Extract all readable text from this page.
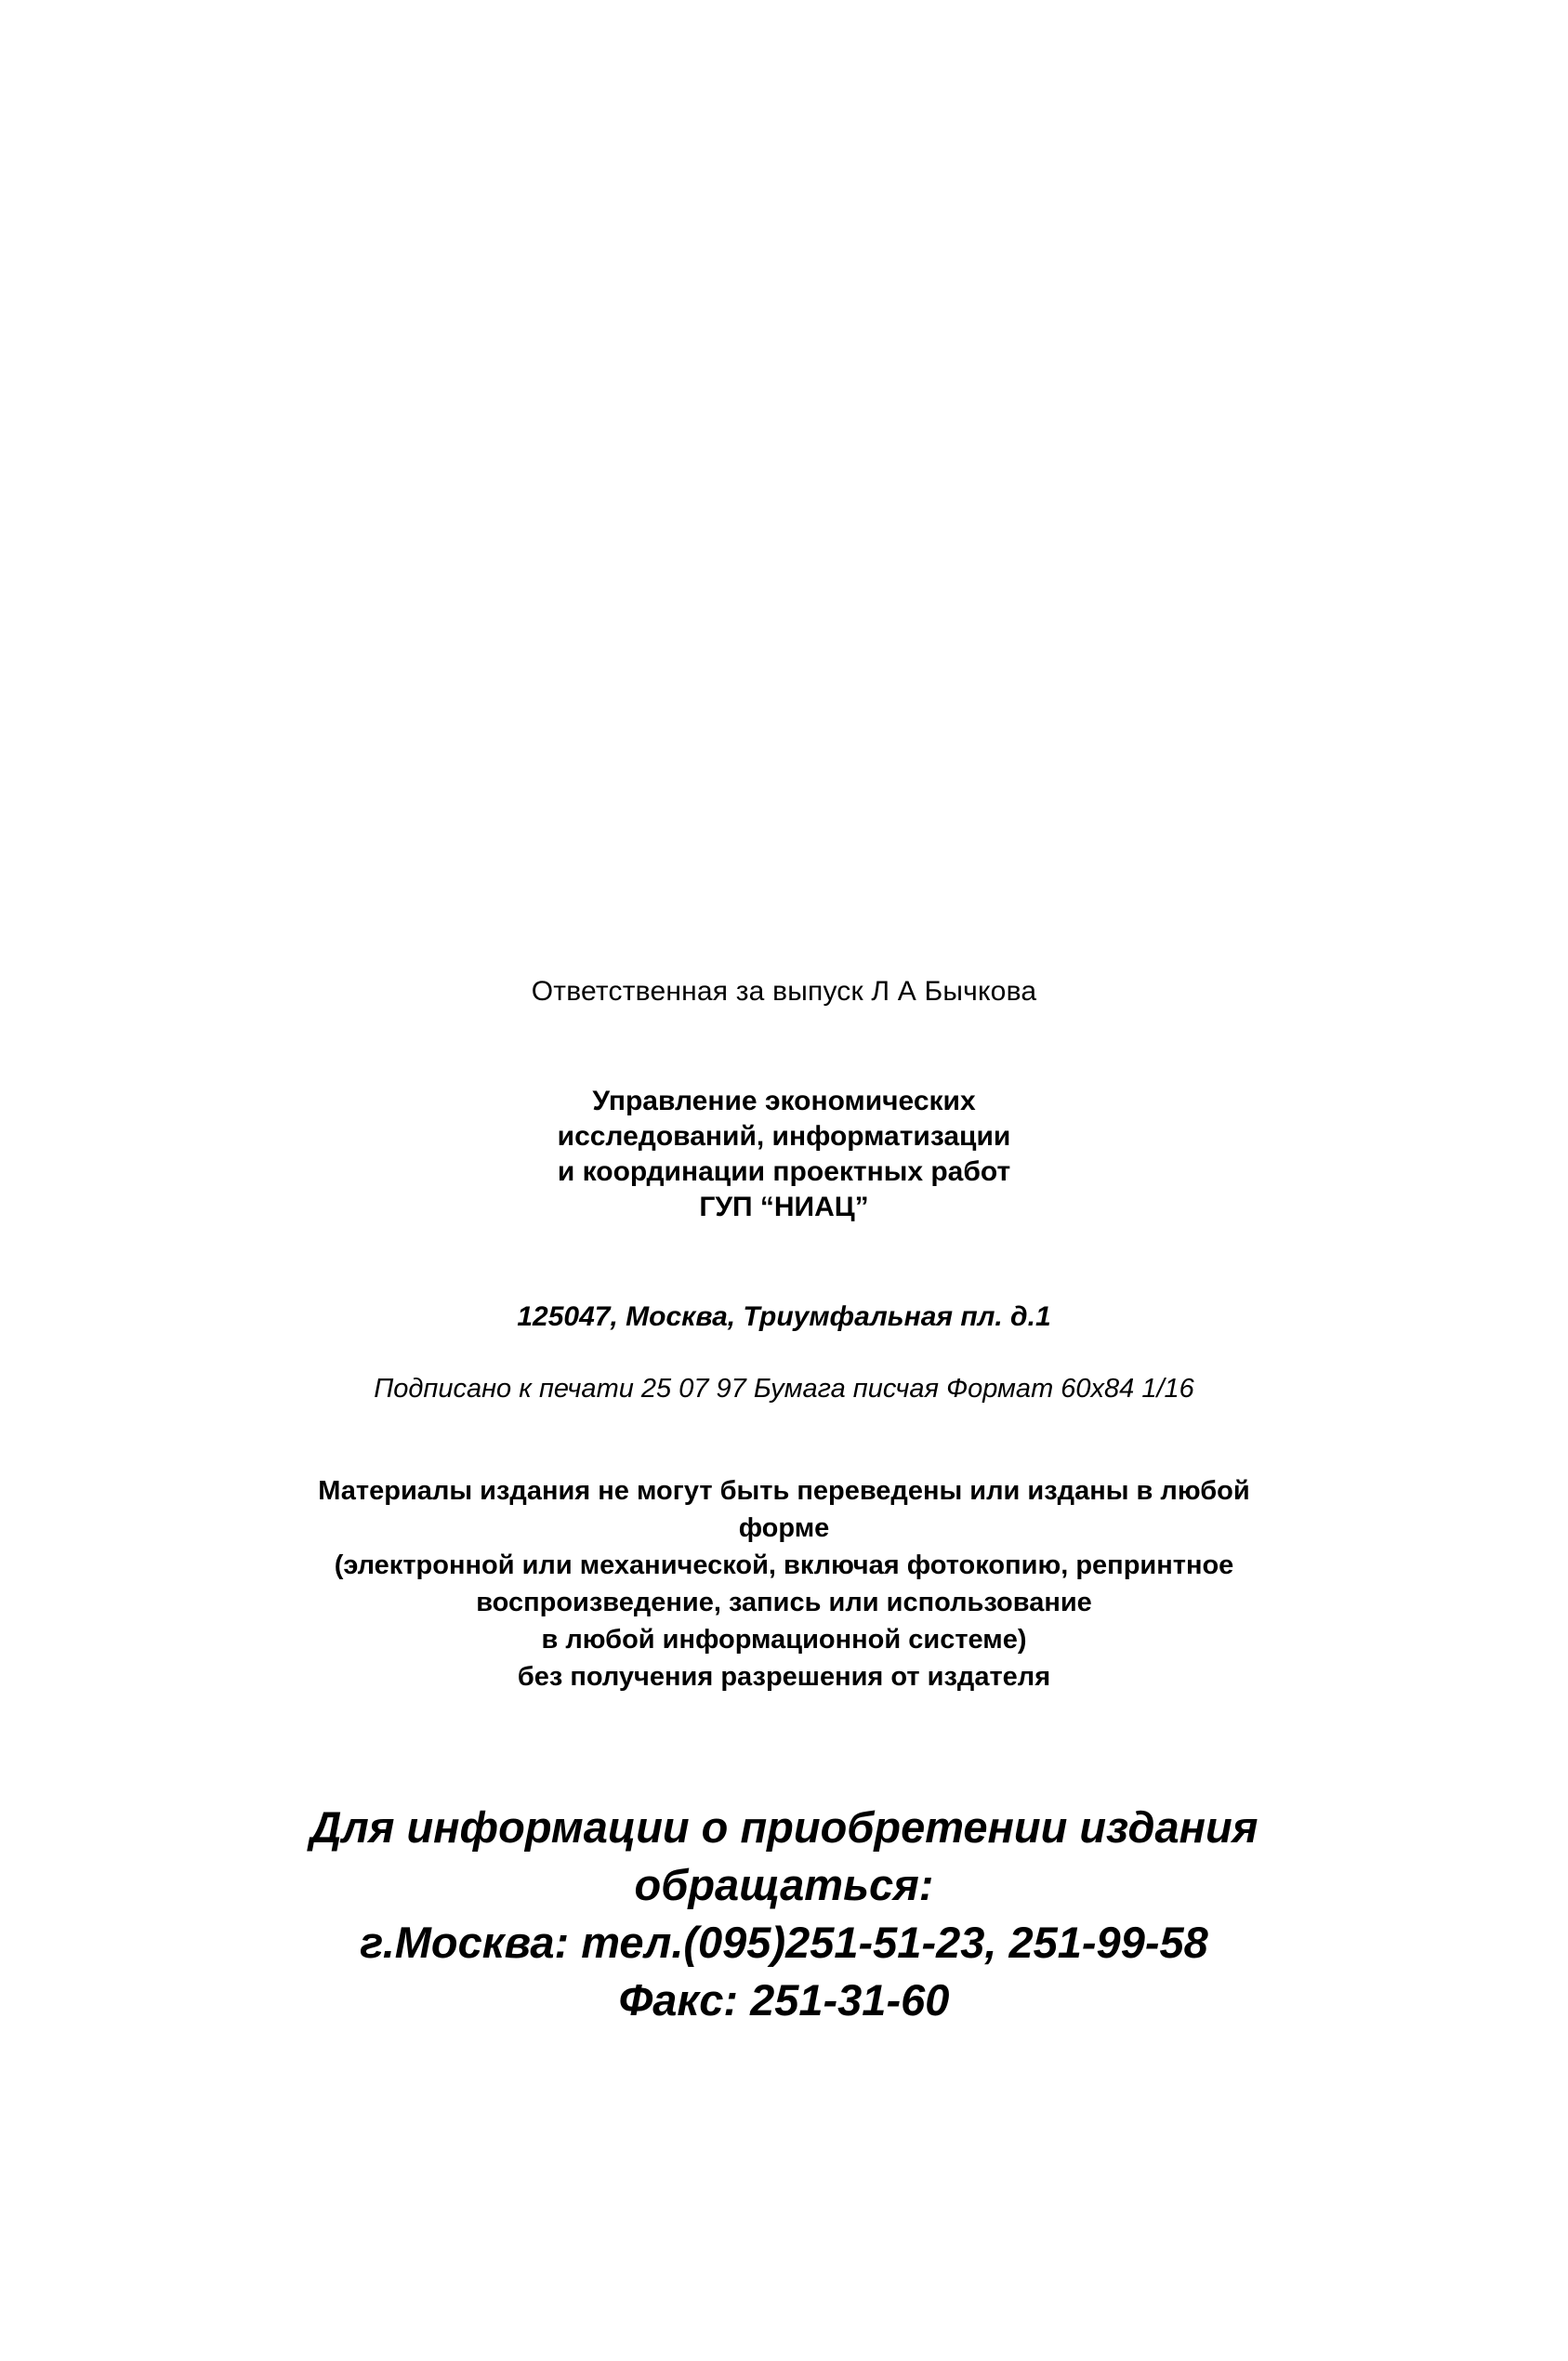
Ответственная за выпуск Л А Бычкова
Управление экономических
исследований, информатизации
и координации проектных работ
ГУП “НИАЦ”
125047, Москва, Триумфальная пл. д.1
Подписано к печати 25 07 97 Бумага писчая Формат 60х84 1/16
Материалы издания не могут быть переведены или изданы в любой
форме
(электронной или механической, включая фотокопию, репринтное
воспроизведение, запись или использование
в любой информационной системе)
без получения разрешения от издателя
Для информации о приобретении издания
обращаться:
г.Москва: тел.(095)251-51-23, 251-99-58
Факс: 251-31-60
